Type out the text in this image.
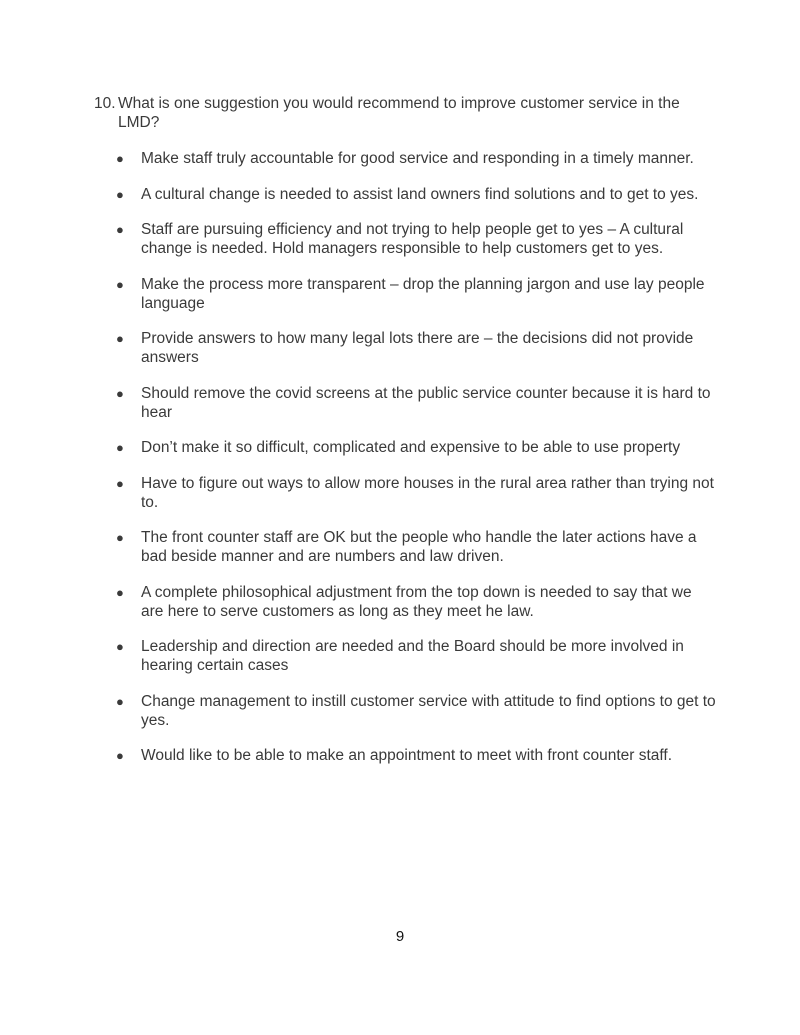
10. What is one suggestion you would recommend to improve customer service in the LMD?
●	Make staff truly accountable for good service and responding in a timely manner.
●	A cultural change is needed to assist land owners find solutions and to get to yes.
●	Staff are pursuing efficiency and not trying to help people get to yes – A cultural change is needed. Hold managers responsible to help customers get to yes.
●	Make the process more transparent – drop the planning jargon and use lay people language
●	Provide answers to how many legal lots there are – the decisions did not provide answers
●	Should remove the covid screens at the public service counter because it is hard to hear
●	Don’t make it so difficult, complicated and expensive to be able to use property
●	Have to figure out ways to allow more houses in the rural area rather than trying not to.
●	The front counter staff are OK but the people who handle the later actions have a bad beside manner and are numbers and law driven.
●	A complete philosophical adjustment from the top down is needed to say that we are here to serve customers as long as they meet he law.
●	Leadership and direction are needed and the Board should be more involved in hearing certain cases
●	Change management to instill customer service with attitude to find options to get to yes.
●	Would like to be able to make an appointment to meet with front counter staff.
9
